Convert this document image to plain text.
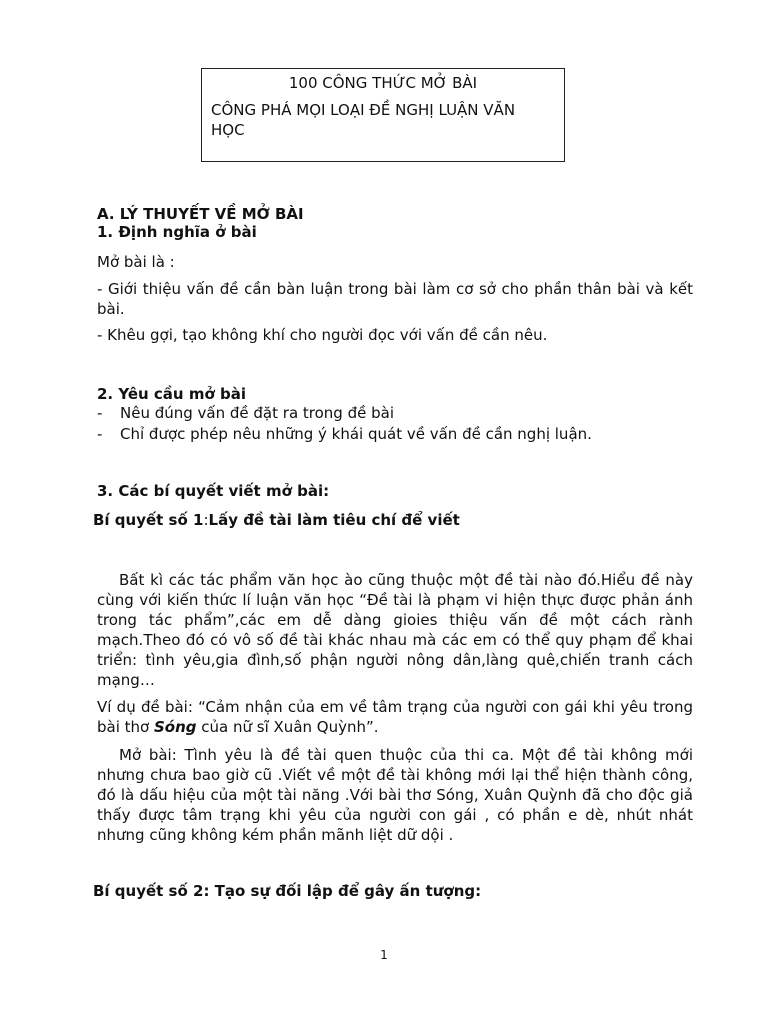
100 CÔNG THỨC MỞ BÀI
CÔNG PHÁ MỌI LOẠI ĐỀ NGHỊ LUẬN VĂN HỌC
A. LÝ THUYẾT VỀ MỞ BÀI
1. Định nghĩa ở bài
Mở bài là :
- Giới thiệu vấn đề cần bàn luận trong bài làm cơ sở cho phần thân bài và kết bài.
- Khêu gợi, tạo không khí cho người đọc với vấn đề cần nêu.
2. Yêu cầu mở bài
-	Nêu đúng vấn đề đặt ra trong đề bài
-	Chỉ được phép nêu những ý khái quát về vấn đề cần nghị luận.
3. Các bí quyết viết mở bài:
Bí quyết số 1:Lấy đề tài làm tiêu chí để viết
Bất kì các tác phẩm văn học ào cũng thuộc một đề tài nào đó.Hiểu đề này cùng với kiến thức lí luận văn học “Đề tài là phạm vi hiện thực được phản ánh trong tác phẩm”,các em dễ dàng gioies thiệu vấn đề một cách rành mạch.Theo đó có vô số đề tài khác nhau mà các em có thể quy phạm để khai triển: tình yêu,gia đình,số phận người nông dân,làng quê,chiến tranh cách mạng…
Ví dụ đề bài: “Cảm nhận của em về tâm trạng của người con gái khi yêu trong bài thơ Sóng của nữ sĩ Xuân Quỳnh”.
Mở bài: Tình yêu là đề tài quen thuộc của thi ca. Một đề tài không mới nhưng chưa bao giờ cũ .Viết về một đề tài không mới lại thể hiện thành công, đó là dấu hiệu của một tài năng .Với bài thơ Sóng, Xuân Quỳnh đã cho độc giả thấy được tâm trạng khi yêu của người con gái , có phần e dè, nhút nhát nhưng cũng không kém phần mãnh liệt dữ dội .
Bí quyết số 2: Tạo sự đối lập để gây ấn tượng:
1
